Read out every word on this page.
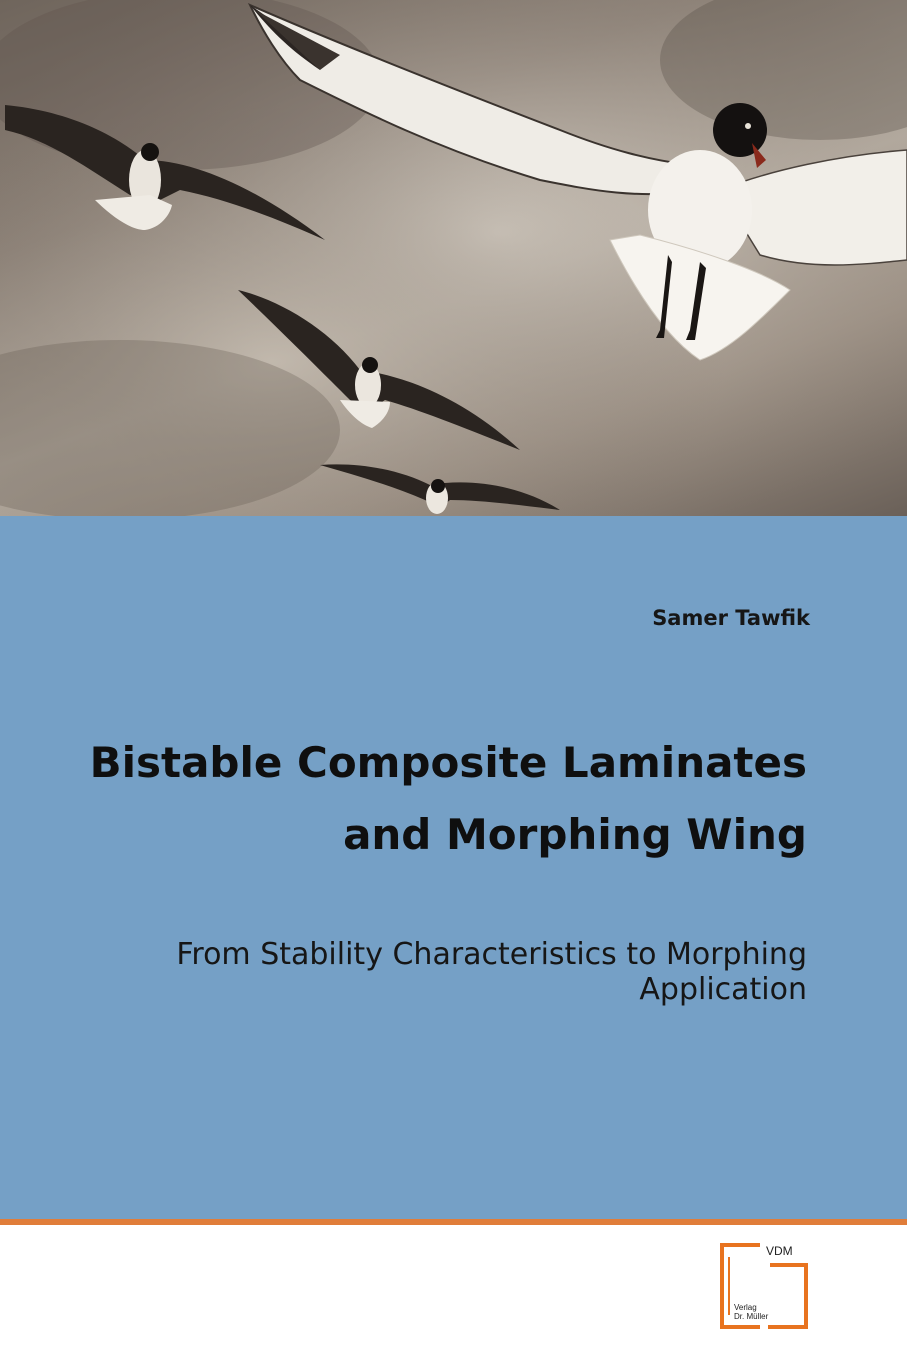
Samer Tawfik
Bistable Composite Laminates and Morphing Wing

From Stability Characteristics to Morphing Application

VDM
Verlag
Dr. Müller
